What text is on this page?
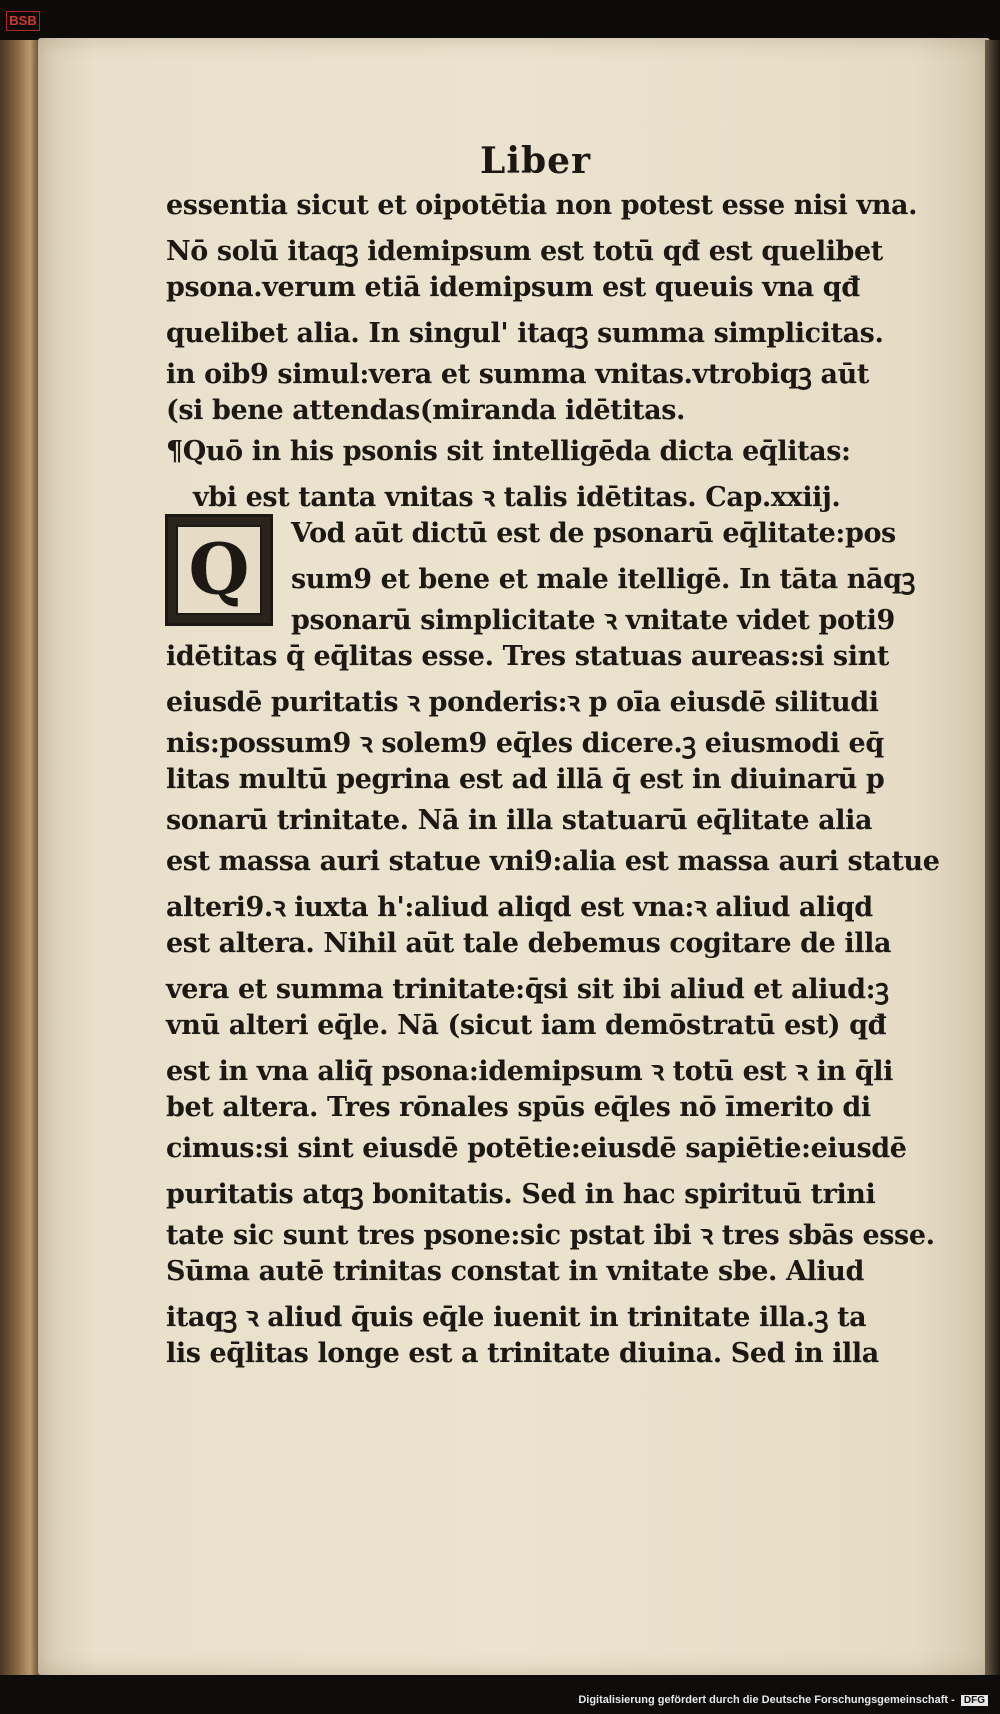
BSB
Liber
Q
essentia sicut et oipotētia non potest esse nisi vna.
Nō solū itaqꝫ idemipsum est totū qđ est quelibet
psona.verum etiā idemipsum est queuis vna qđ
quelibet alia. In singul' itaqꝫ summa simplicitas.
in oib9 simul:vera et summa vnitas.vtrobiqꝫ aūt
(si bene attendas(miranda idētitas.
¶Quō in his psonis sit intelligēda dicta eq̄litas:
vbi est tanta vnitas ꝛ talis idētitas. Cap.xxiij.
Vod aūt dictū est de psonarū eq̄litate:pos
sum9 et bene et male itelligē. In tāta nāqꝫ
psonarū simplicitate ꝛ vnitate videt poti9
idētitas q̄ eq̄litas esse. Tres statuas aureas:si sint
eiusdē puritatis ꝛ ponderis:ꝛ p oīa eiusdē silitudi
nis:possum9 ꝛ solem9 eq̄les dicere.ꝫ eiusmodi eq̄
litas multū pegrina est ad illā q̄ est in diuinarū p
sonarū trinitate. Nā in illa statuarū eq̄litate alia
est massa auri statue vni9:alia est massa auri statue
alteri9.ꝛ iuxta h':aliud aliqd est vna:ꝛ aliud aliqd
est altera. Nihil aūt tale debemus cogitare de illa
vera et summa trinitate:q̄si sit ibi aliud et aliud:ꝫ
vnū alteri eq̄le. Nā (sicut iam demōstratū est) qđ
est in vna aliq̄ psona:idemipsum ꝛ totū est ꝛ in q̄li
bet altera. Tres rōnales spūs eq̄les nō īmerito di
cimus:si sint eiusdē potētie:eiusdē sapiētie:eiusdē
puritatis atqꝫ bonitatis. Sed in hac spirituū trini
tate sic sunt tres psone:sic pstat ibi ꝛ tres sbās esse.
Sūma autē trinitas constat in vnitate sbe. Aliud
itaqꝫ ꝛ aliud q̄uis eq̄le iuenit in trinitate illa.ꝫ ta
lis eq̄litas longe est a trinitate diuina. Sed in illa
Digitalisierung gefördert durch die Deutsche Forschungsgemeinschaft - DFG
